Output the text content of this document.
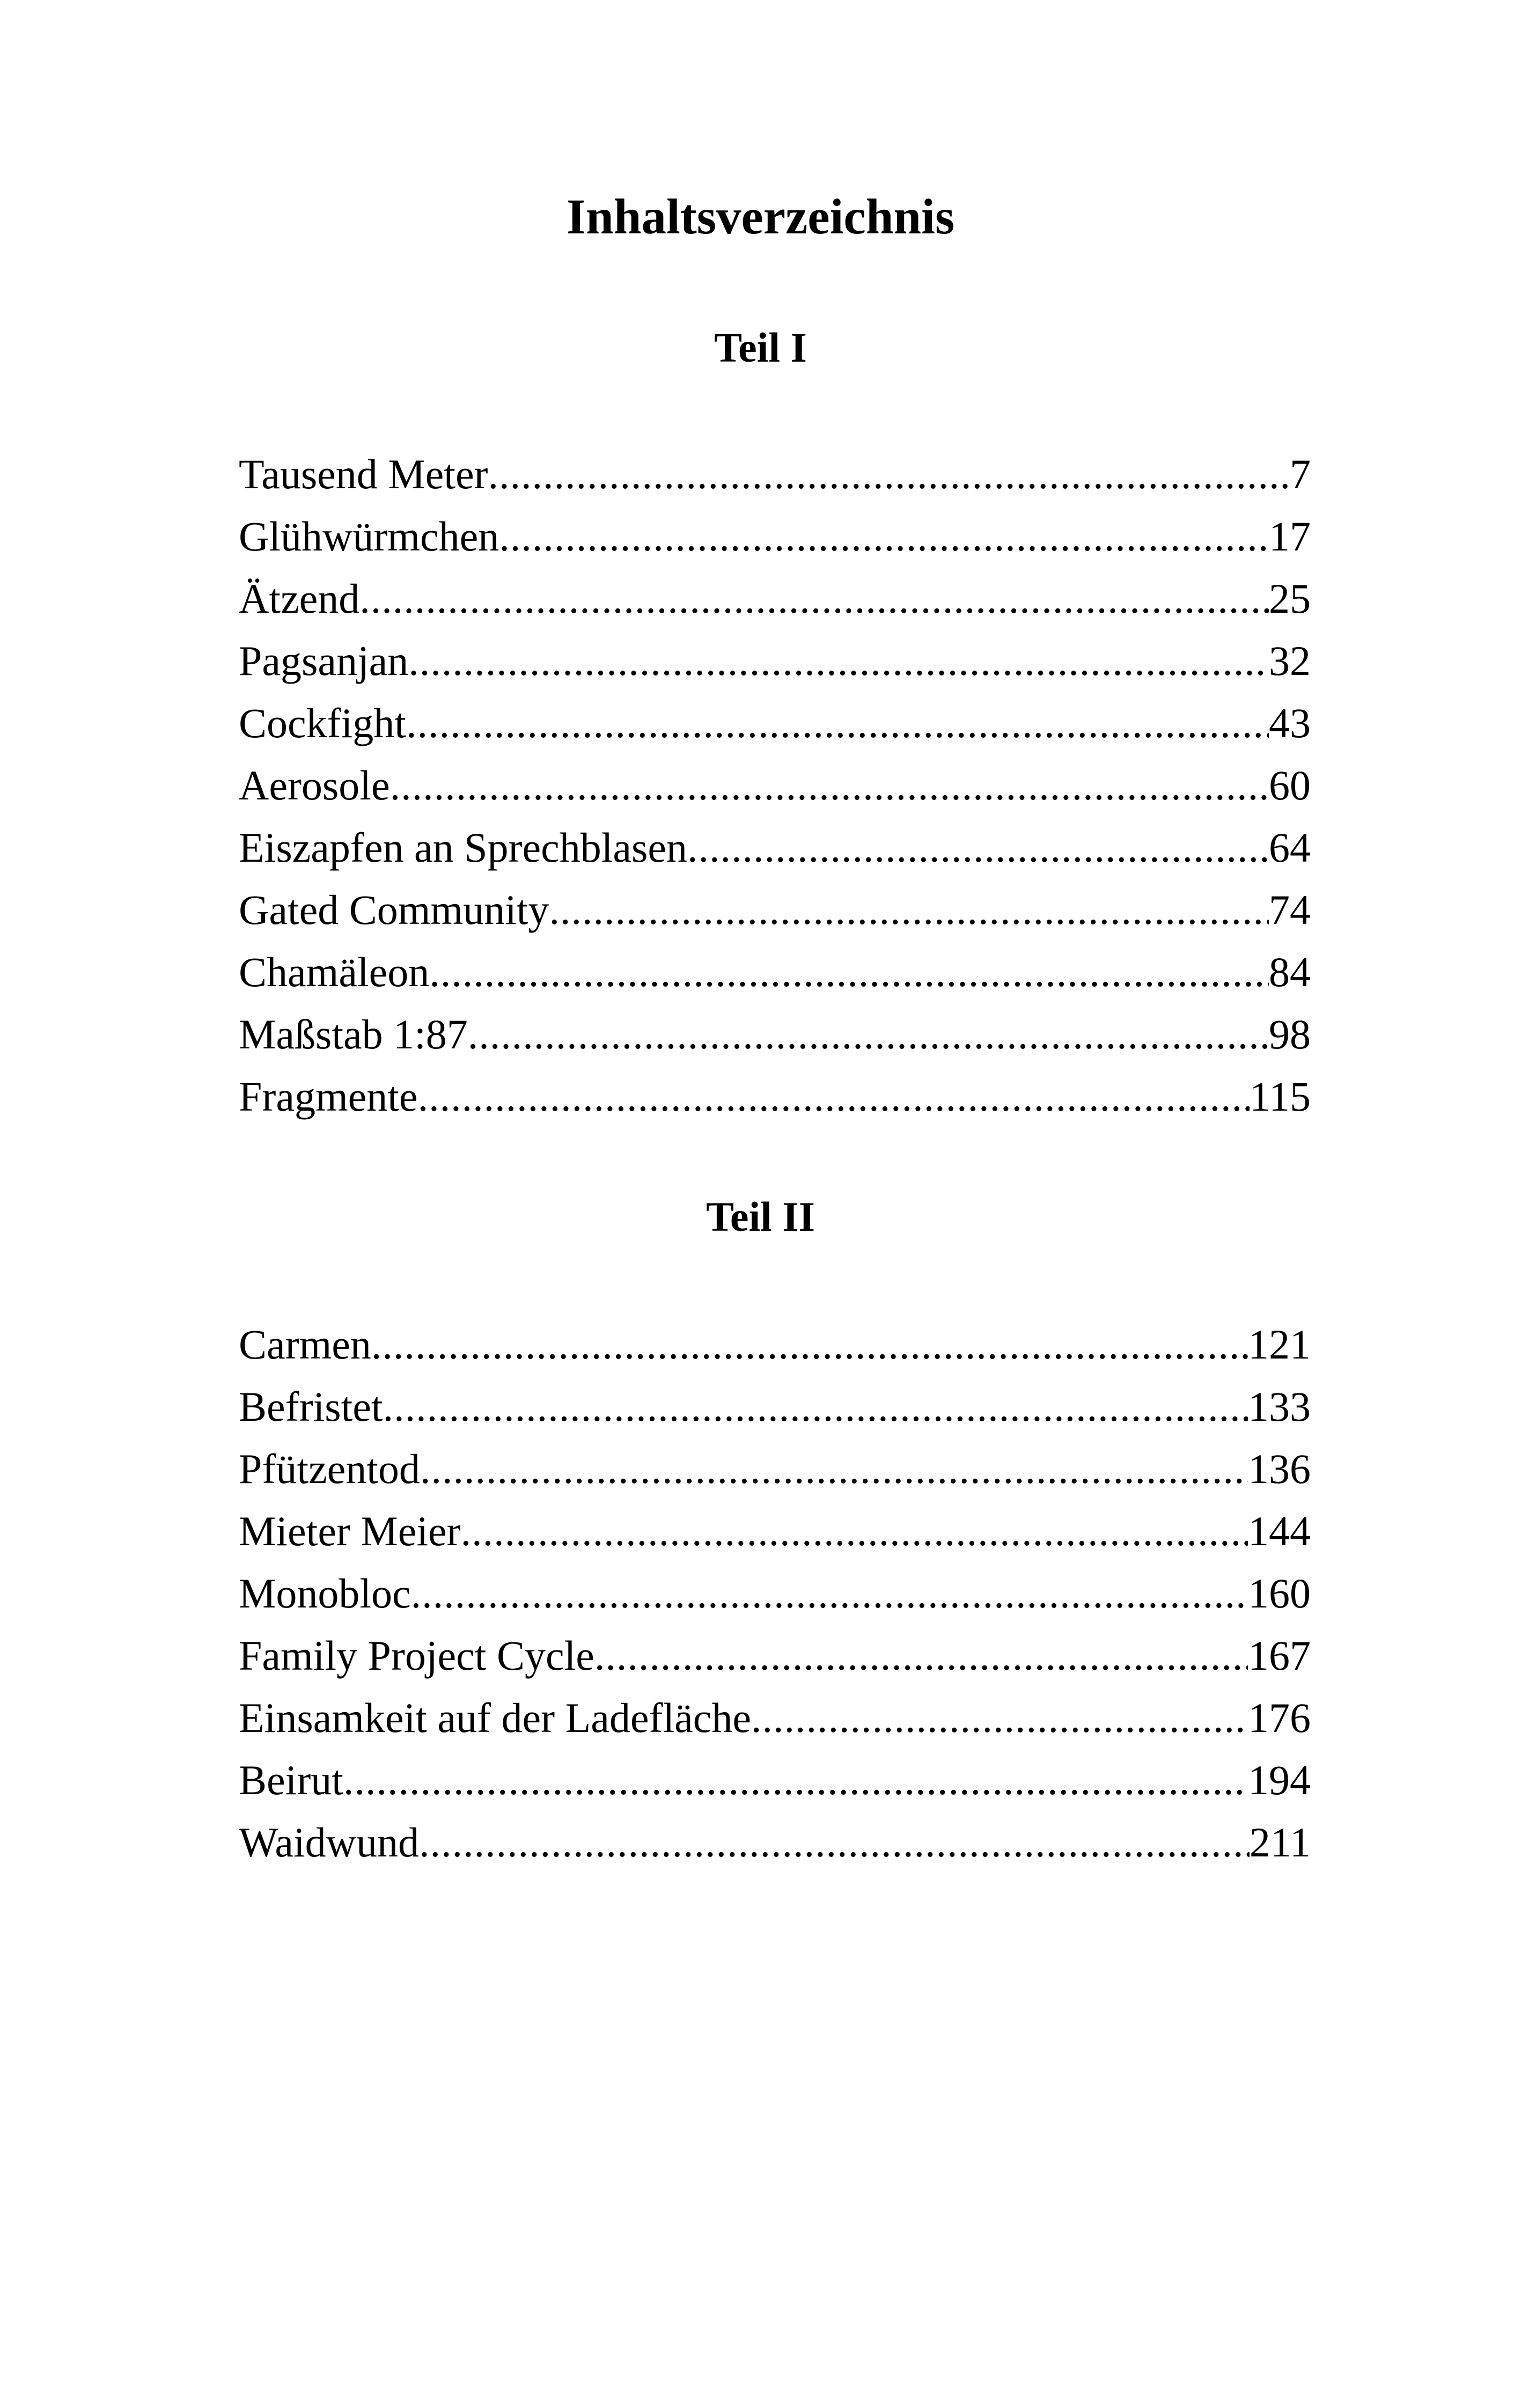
Inhaltsverzeichnis
Teil I
Tausend Meter .....	7
Glühwürmchen .....	17
Ätzend .....	25
Pagsanjan .....	32
Cockfight .....	43
Aerosole .....	60
Eiszapfen an Sprechblasen .....	64
Gated Community .....	74
Chamäleon .....	84
Maßstab 1:87 .....	98
Fragmente .....	115
Teil II
Carmen .....	121
Befristet .....	133
Pfützentod .....	136
Mieter Meier .....	144
Monobloc .....	160
Family Project Cycle .....	167
Einsamkeit auf der Ladefläche .....	176
Beirut .....	194
Waidwund .....	211
